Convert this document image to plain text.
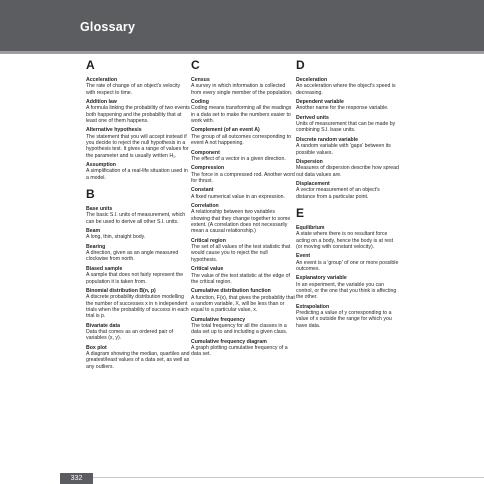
Glossary
A
Acceleration
The rate of change of an object's velocity with respect to time.
Addition law
A formula linking the probability of two events both happening and the probability that at least one of them happens.
Alternative hypothesis
The statement that you will accept instead if you decide to reject the null hypothesis in a hypothesis test. It gives a range of values for the parameter and is usually written H₁.
Assumption
A simplification of a real-life situation used in a model.
B
Base units
The basic S.I. units of measurement, which can be used to derive all other S.I. units.
Beam
A long, thin, straight body.
Bearing
A direction, given as an angle measured clockwise from north.
Biased sample
A sample that does not fairly represent the population it is taken from.
Binomial distribution B(n, p)
A discrete probability distribution modelling the number of successes x in n independent trials when the probability of success in each trial is p.
Bivariate data
Data that comes as an ordered pair of variables (x, y).
Box plot
A diagram showing the median, quartiles and greatest/least values of a data set, as well as any outliers.
C
Census
A survey in which information is collected from every single member of the population.
Coding
Coding means transforming all the readings in a data set to make the numbers easier to work with.
Complement (of an event A)
The group of all outcomes corresponding to event A not happening.
Component
The effect of a vector in a given direction.
Compression
The force in a compressed rod. Another word for thrust.
Constant
A fixed numerical value in an expression.
Correlation
A relationship between two variables showing that they change together to some extent. (A correlation does not necessarily mean a causal relationship.)
Critical region
The set of all values of the test statistic that would cause you to reject the null hypothesis.
Critical value
The value of the test statistic at the edge of the critical region.
Cumulative distribution function
A function, F(x), that gives the probability that a random variable, X, will be less than or equal to a particular value, x.
Cumulative frequency
The total frequency for all the classes in a data set up to and including a given class.
Cumulative frequency diagram
A graph plotting cumulative frequency of a data set.
D
Deceleration
An acceleration where the object's speed is decreasing.
Dependent variable
Another name for the response variable.
Derived units
Units of measurement that can be made by combining S.I. base units.
Discrete random variable
A random variable with 'gaps' between its possible values.
Dispersion
Measures of dispersion describe how spread out data values are.
Displacement
A vector measurement of an object's distance from a particular point.
E
Equilibrium
A state where there is no resultant force acting on a body, hence the body is at rest (or moving with constant velocity).
Event
An event is a 'group' of one or more possible outcomes.
Explanatory variable
In an experiment, the variable you can control, or the one that you think is affecting the other.
Extrapolation
Predicting a value of y corresponding to a value of x outside the range for which you have data.
332
